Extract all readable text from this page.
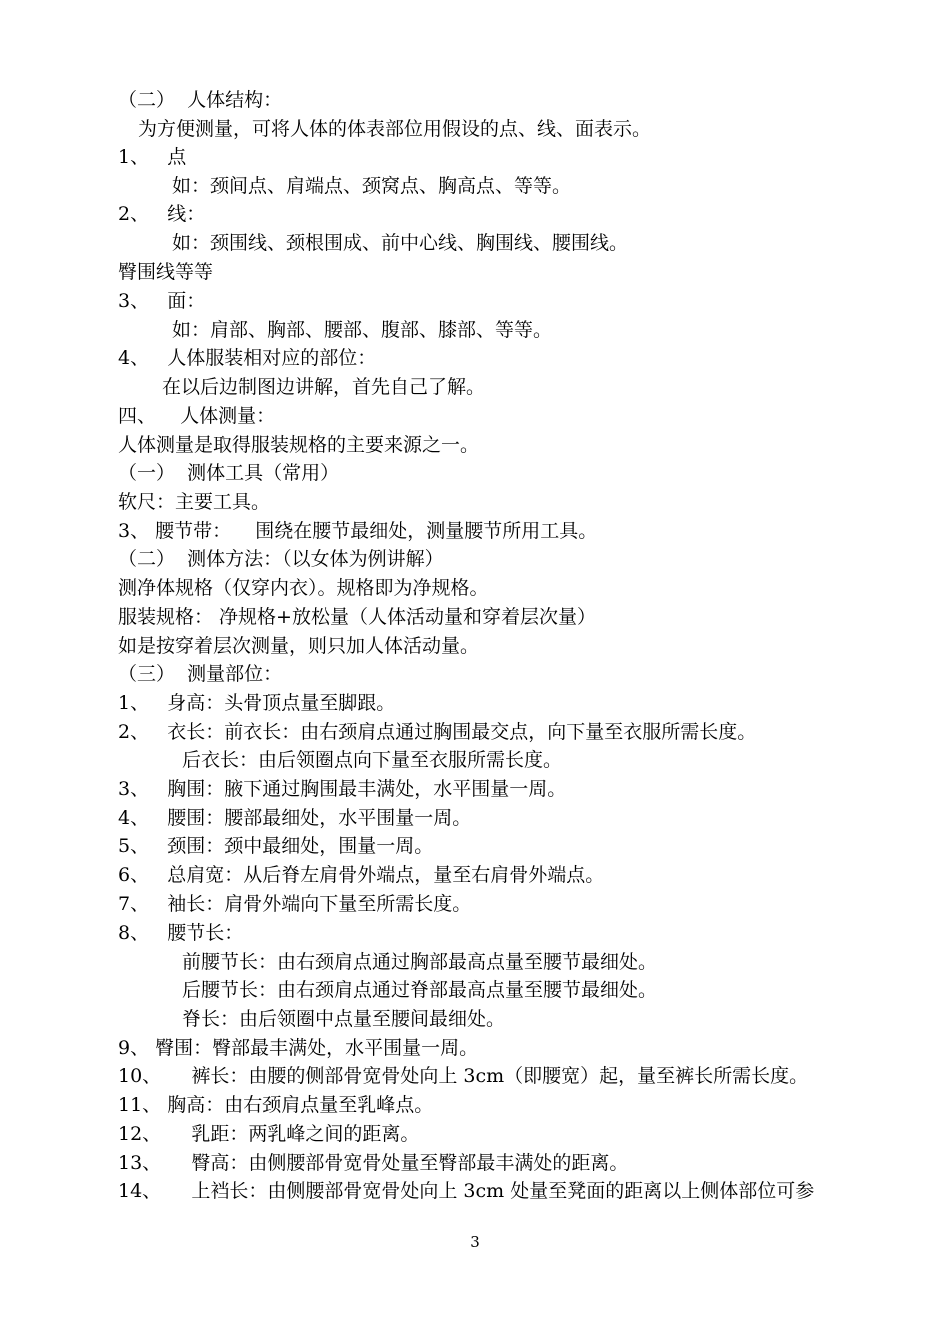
（二）  人体结构：
为方便测量，可将人体的体表部位用假设的点、线、面表示。
1、   点
如：颈间点、肩端点、颈窝点、胸高点、等等。
2、   线：
如：颈围线、颈根围成、前中心线、胸围线、腰围线。
臀围线等等
3、   面：
如：肩部、胸部、腰部、腹部、膝部、等等。
4、   人体服装相对应的部位：
在以后边制图边讲解，首先自己了解。
四、    人体测量：
人体测量是取得服装规格的主要来源之一。
（一）  测体工具（常用）
软尺：主要工具。
3、 腰节带：    围绕在腰节最细处，测量腰节所用工具。
（二）  测体方法：（以女体为例讲解）
测净体规格（仅穿内衣）。规格即为净规格。
服装规格： 净规格+放松量（人体活动量和穿着层次量）
如是按穿着层次测量，则只加人体活动量。
（三）  测量部位：
1、   身高：头骨顶点量至脚跟。
2、   衣长：前衣长：由右颈肩点通过胸围最交点，向下量至衣服所需长度。
后衣长：由后领圈点向下量至衣服所需长度。
3、   胸围：腋下通过胸围最丰满处，水平围量一周。
4、   腰围：腰部最细处，水平围量一周。
5、   颈围：颈中最细处，围量一周。
6、   总肩宽：从后脊左肩骨外端点，量至右肩骨外端点。
7、   袖长：肩骨外端向下量至所需长度。
8、   腰节长：
前腰节长：由右颈肩点通过胸部最高点量至腰节最细处。
后腰节长：由右颈肩点通过脊部最高点量至腰节最细处。
脊长：由后领圈中点量至腰间最细处。
9、 臀围：臀部最丰满处，水平围量一周。
10、     裤长：由腰的侧部骨宽骨处向上 3cm（即腰宽）起，量至裤长所需长度。
11、 胸高：由右颈肩点量至乳峰点。
12、     乳距：两乳峰之间的距离。
13、     臀高：由侧腰部骨宽骨处量至臀部最丰满处的距离。
14、     上裆长：由侧腰部骨宽骨处向上 3cm 处量至凳面的距离以上侧体部位可参
3
